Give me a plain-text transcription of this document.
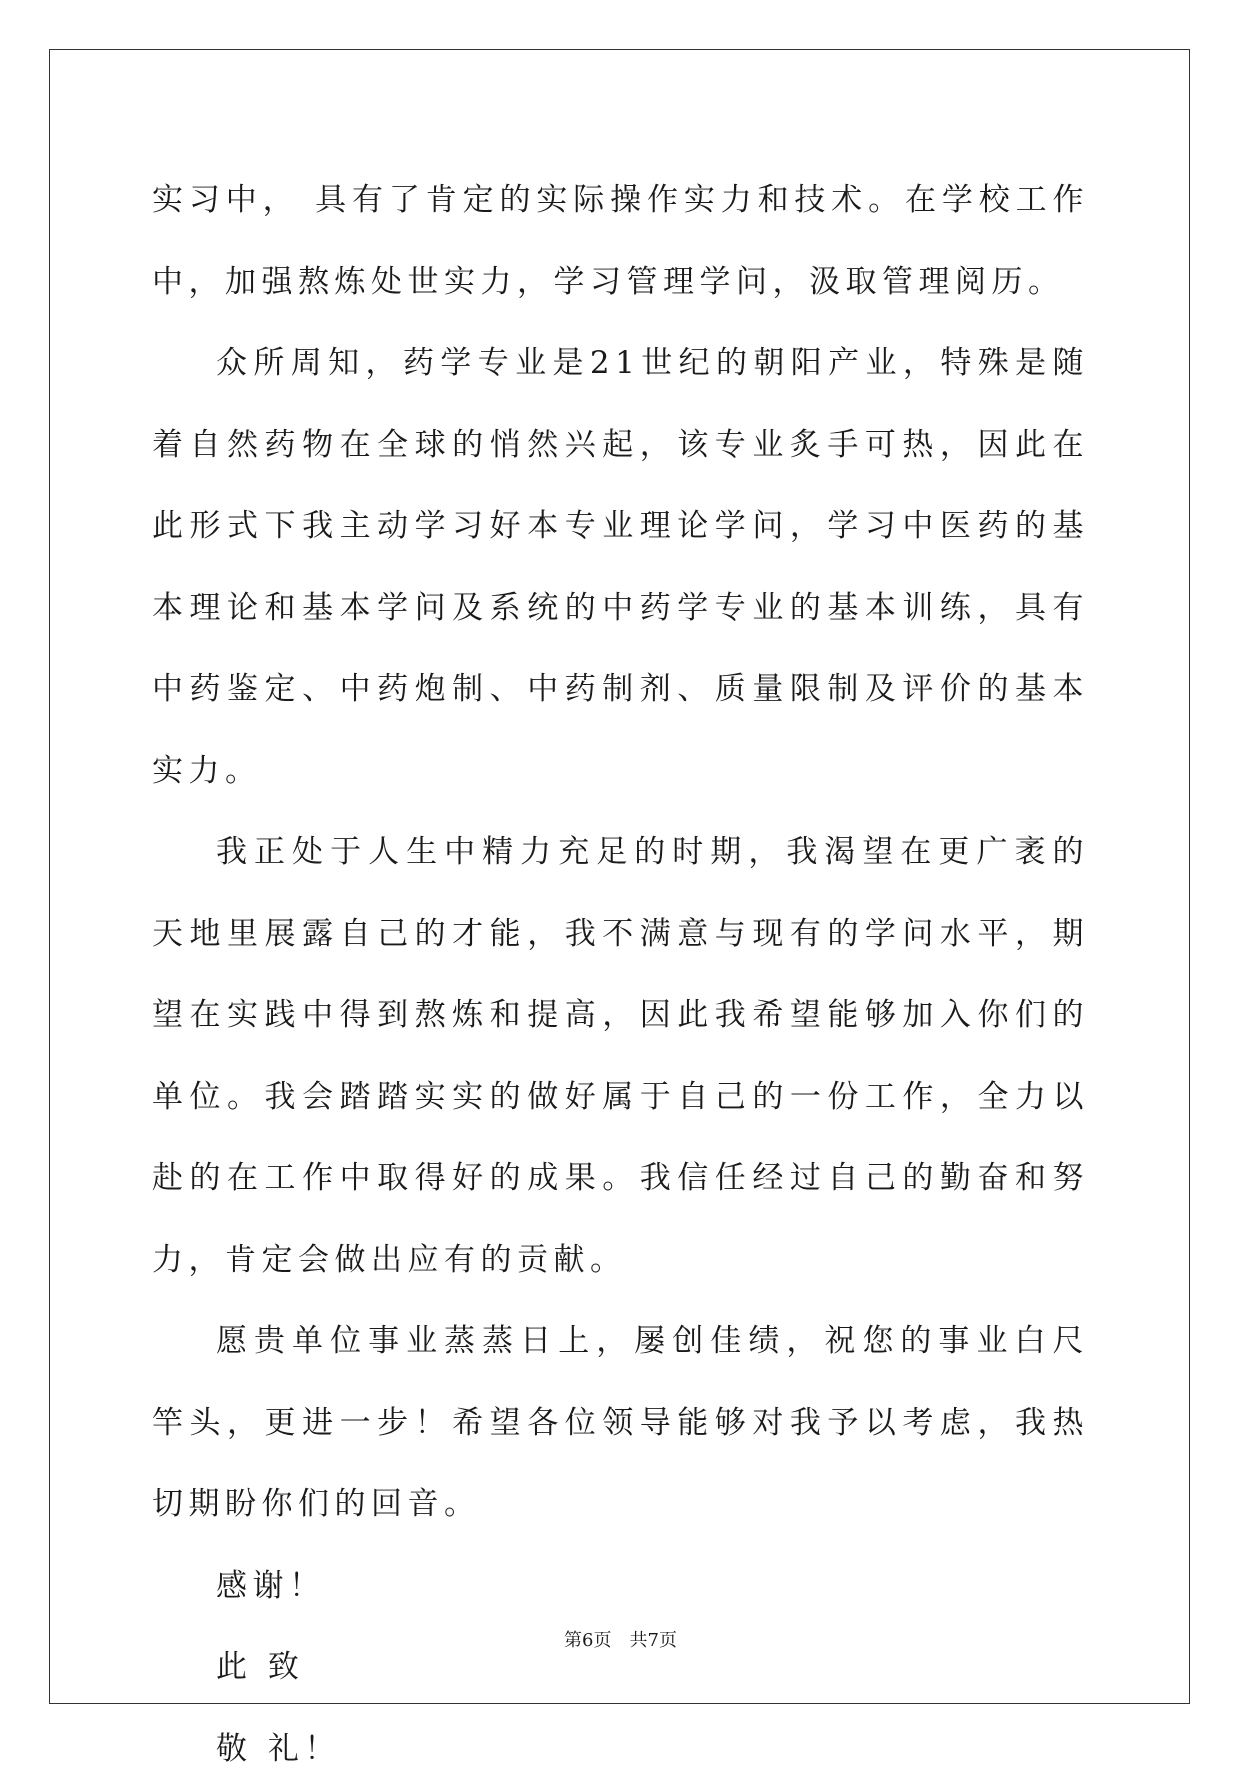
实习中， 具有了肯定的实际操作实力和技术。在学校工作中，加强熬炼处世实力，学习管理学问，汲取管理阅历。

众所周知，药学专业是21世纪的朝阳产业，特殊是随着自然药物在全球的悄然兴起，该专业炙手可热，因此在此形式下我主动学习好本专业理论学问，学习中医药的基本理论和基本学问及系统的中药学专业的基本训练，具有中药鉴定、中药炮制、中药制剂、质量限制及评价的基本实力。

我正处于人生中精力充足的时期，我渴望在更广袤的天地里展露自己的才能，我不满意与现有的学问水平，期望在实践中得到熬炼和提高，因此我希望能够加入你们的单位。我会踏踏实实的做好属于自己的一份工作，全力以赴的在工作中取得好的成果。我信任经过自己的勤奋和努力，肯定会做出应有的贡献。

愿贵单位事业蒸蒸日上，屡创佳绩，祝您的事业白尺竿头，更进一步！希望各位领导能够对我予以考虑，我热切期盼你们的回音。

感谢！

此 致

敬 礼！

第6页 共7页
